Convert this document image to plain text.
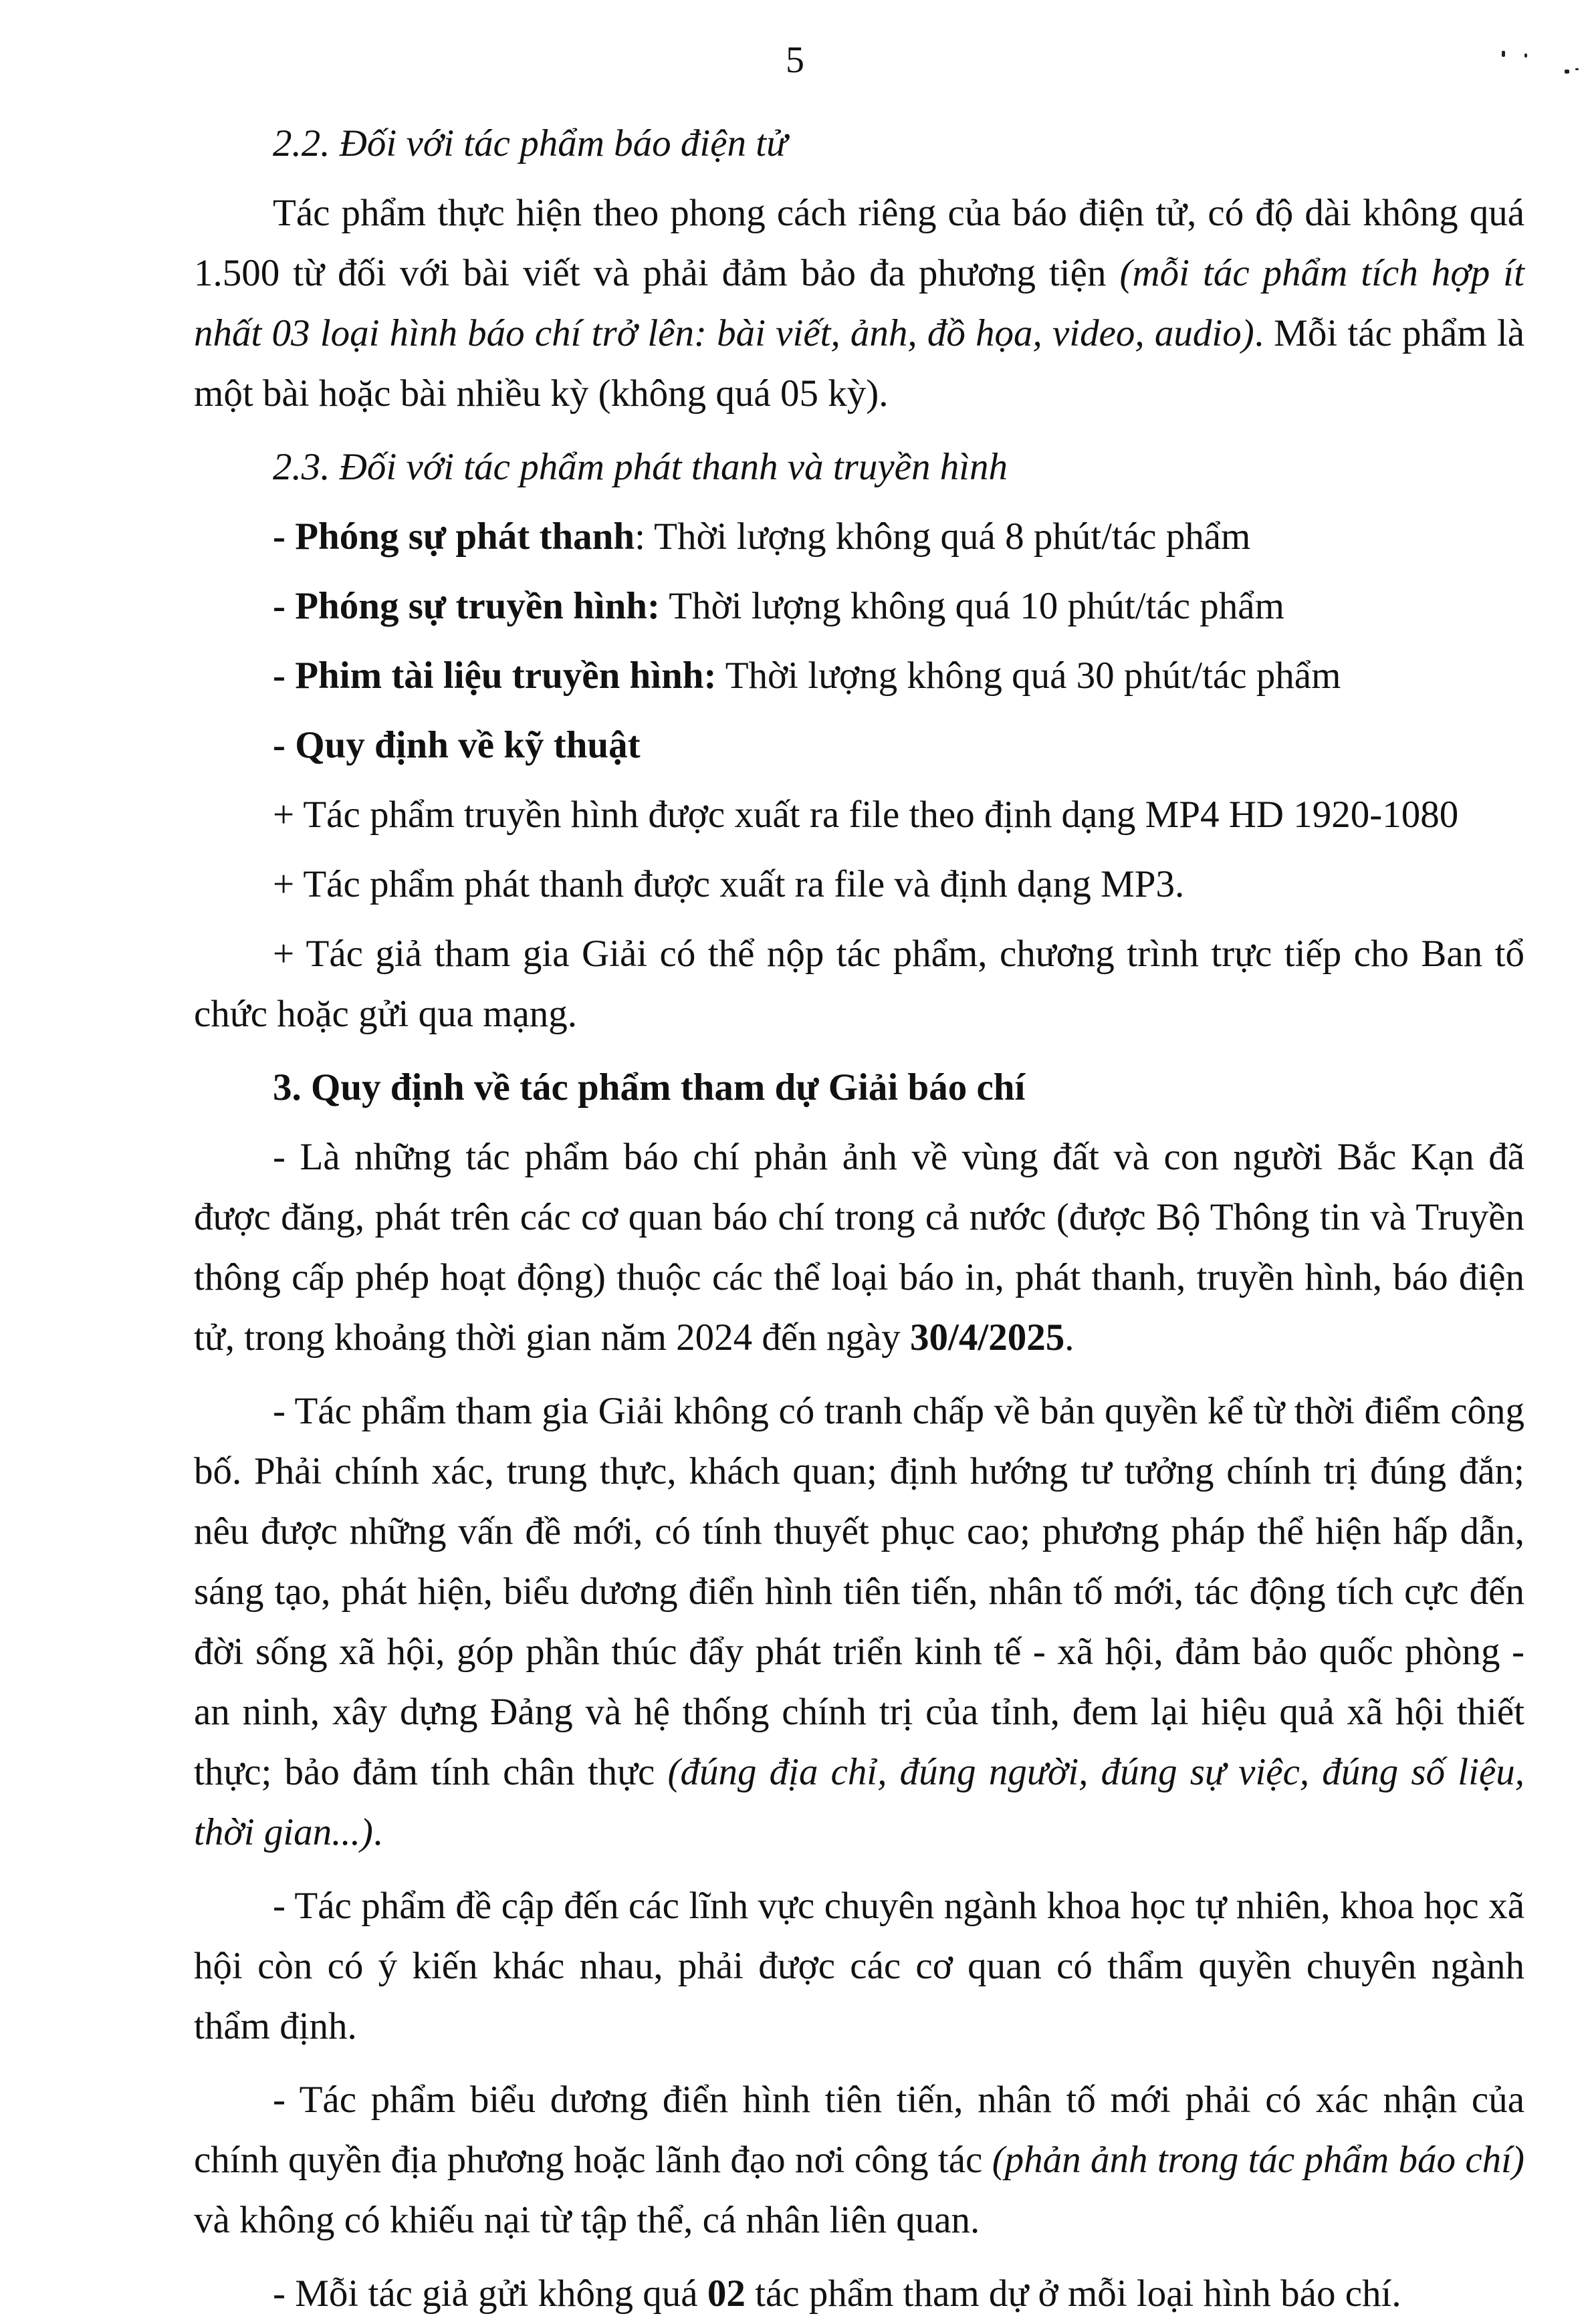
5

2.2. Đối với tác phẩm báo điện tử

Tác phẩm thực hiện theo phong cách riêng của báo điện tử, có độ dài không quá 1.500 từ đối với bài viết và phải đảm bảo đa phương tiện (mỗi tác phẩm tích hợp ít nhất 03 loại hình báo chí trở lên: bài viết, ảnh, đồ họa, video, audio). Mỗi tác phẩm là một bài hoặc bài nhiều kỳ (không quá 05 kỳ).

2.3. Đối với tác phẩm phát thanh và truyền hình

- Phóng sự phát thanh: Thời lượng không quá 8 phút/tác phẩm

- Phóng sự truyền hình: Thời lượng không quá 10 phút/tác phẩm

- Phim tài liệu truyền hình: Thời lượng không quá 30 phút/tác phẩm

- Quy định về kỹ thuật

+ Tác phẩm truyền hình được xuất ra file theo định dạng MP4 HD 1920-1080

+ Tác phẩm phát thanh được xuất ra file và định dạng MP3.

+ Tác giả tham gia Giải có thể nộp tác phẩm, chương trình trực tiếp cho Ban tổ chức hoặc gửi qua mạng.

3. Quy định về tác phẩm tham dự Giải báo chí

- Là những tác phẩm báo chí phản ảnh về vùng đất và con người Bắc Kạn đã được đăng, phát trên các cơ quan báo chí trong cả nước (được Bộ Thông tin và Truyền thông cấp phép hoạt động) thuộc các thể loại báo in, phát thanh, truyền hình, báo điện tử, trong khoảng thời gian năm 2024 đến ngày 30/4/2025.

- Tác phẩm tham gia Giải không có tranh chấp về bản quyền kể từ thời điểm công bố. Phải chính xác, trung thực, khách quan; định hướng tư tưởng chính trị đúng đắn; nêu được những vấn đề mới, có tính thuyết phục cao; phương pháp thể hiện hấp dẫn, sáng tạo, phát hiện, biểu dương điển hình tiên tiến, nhân tố mới, tác động tích cực đến đời sống xã hội, góp phần thúc đẩy phát triển kinh tế - xã hội, đảm bảo quốc phòng - an ninh, xây dựng Đảng và hệ thống chính trị của tỉnh, đem lại hiệu quả xã hội thiết thực; bảo đảm tính chân thực (đúng địa chỉ, đúng người, đúng sự việc, đúng số liệu, thời gian...).

- Tác phẩm đề cập đến các lĩnh vực chuyên ngành khoa học tự nhiên, khoa học xã hội còn có ý kiến khác nhau, phải được các cơ quan có thẩm quyền chuyên ngành thẩm định.

- Tác phẩm biểu dương điển hình tiên tiến, nhân tố mới phải có xác nhận của chính quyền địa phương hoặc lãnh đạo nơi công tác (phản ảnh trong tác phẩm báo chí) và không có khiếu nại từ tập thể, cá nhân liên quan.

- Mỗi tác giả gửi không quá 02 tác phẩm tham dự ở mỗi loại hình báo chí.
